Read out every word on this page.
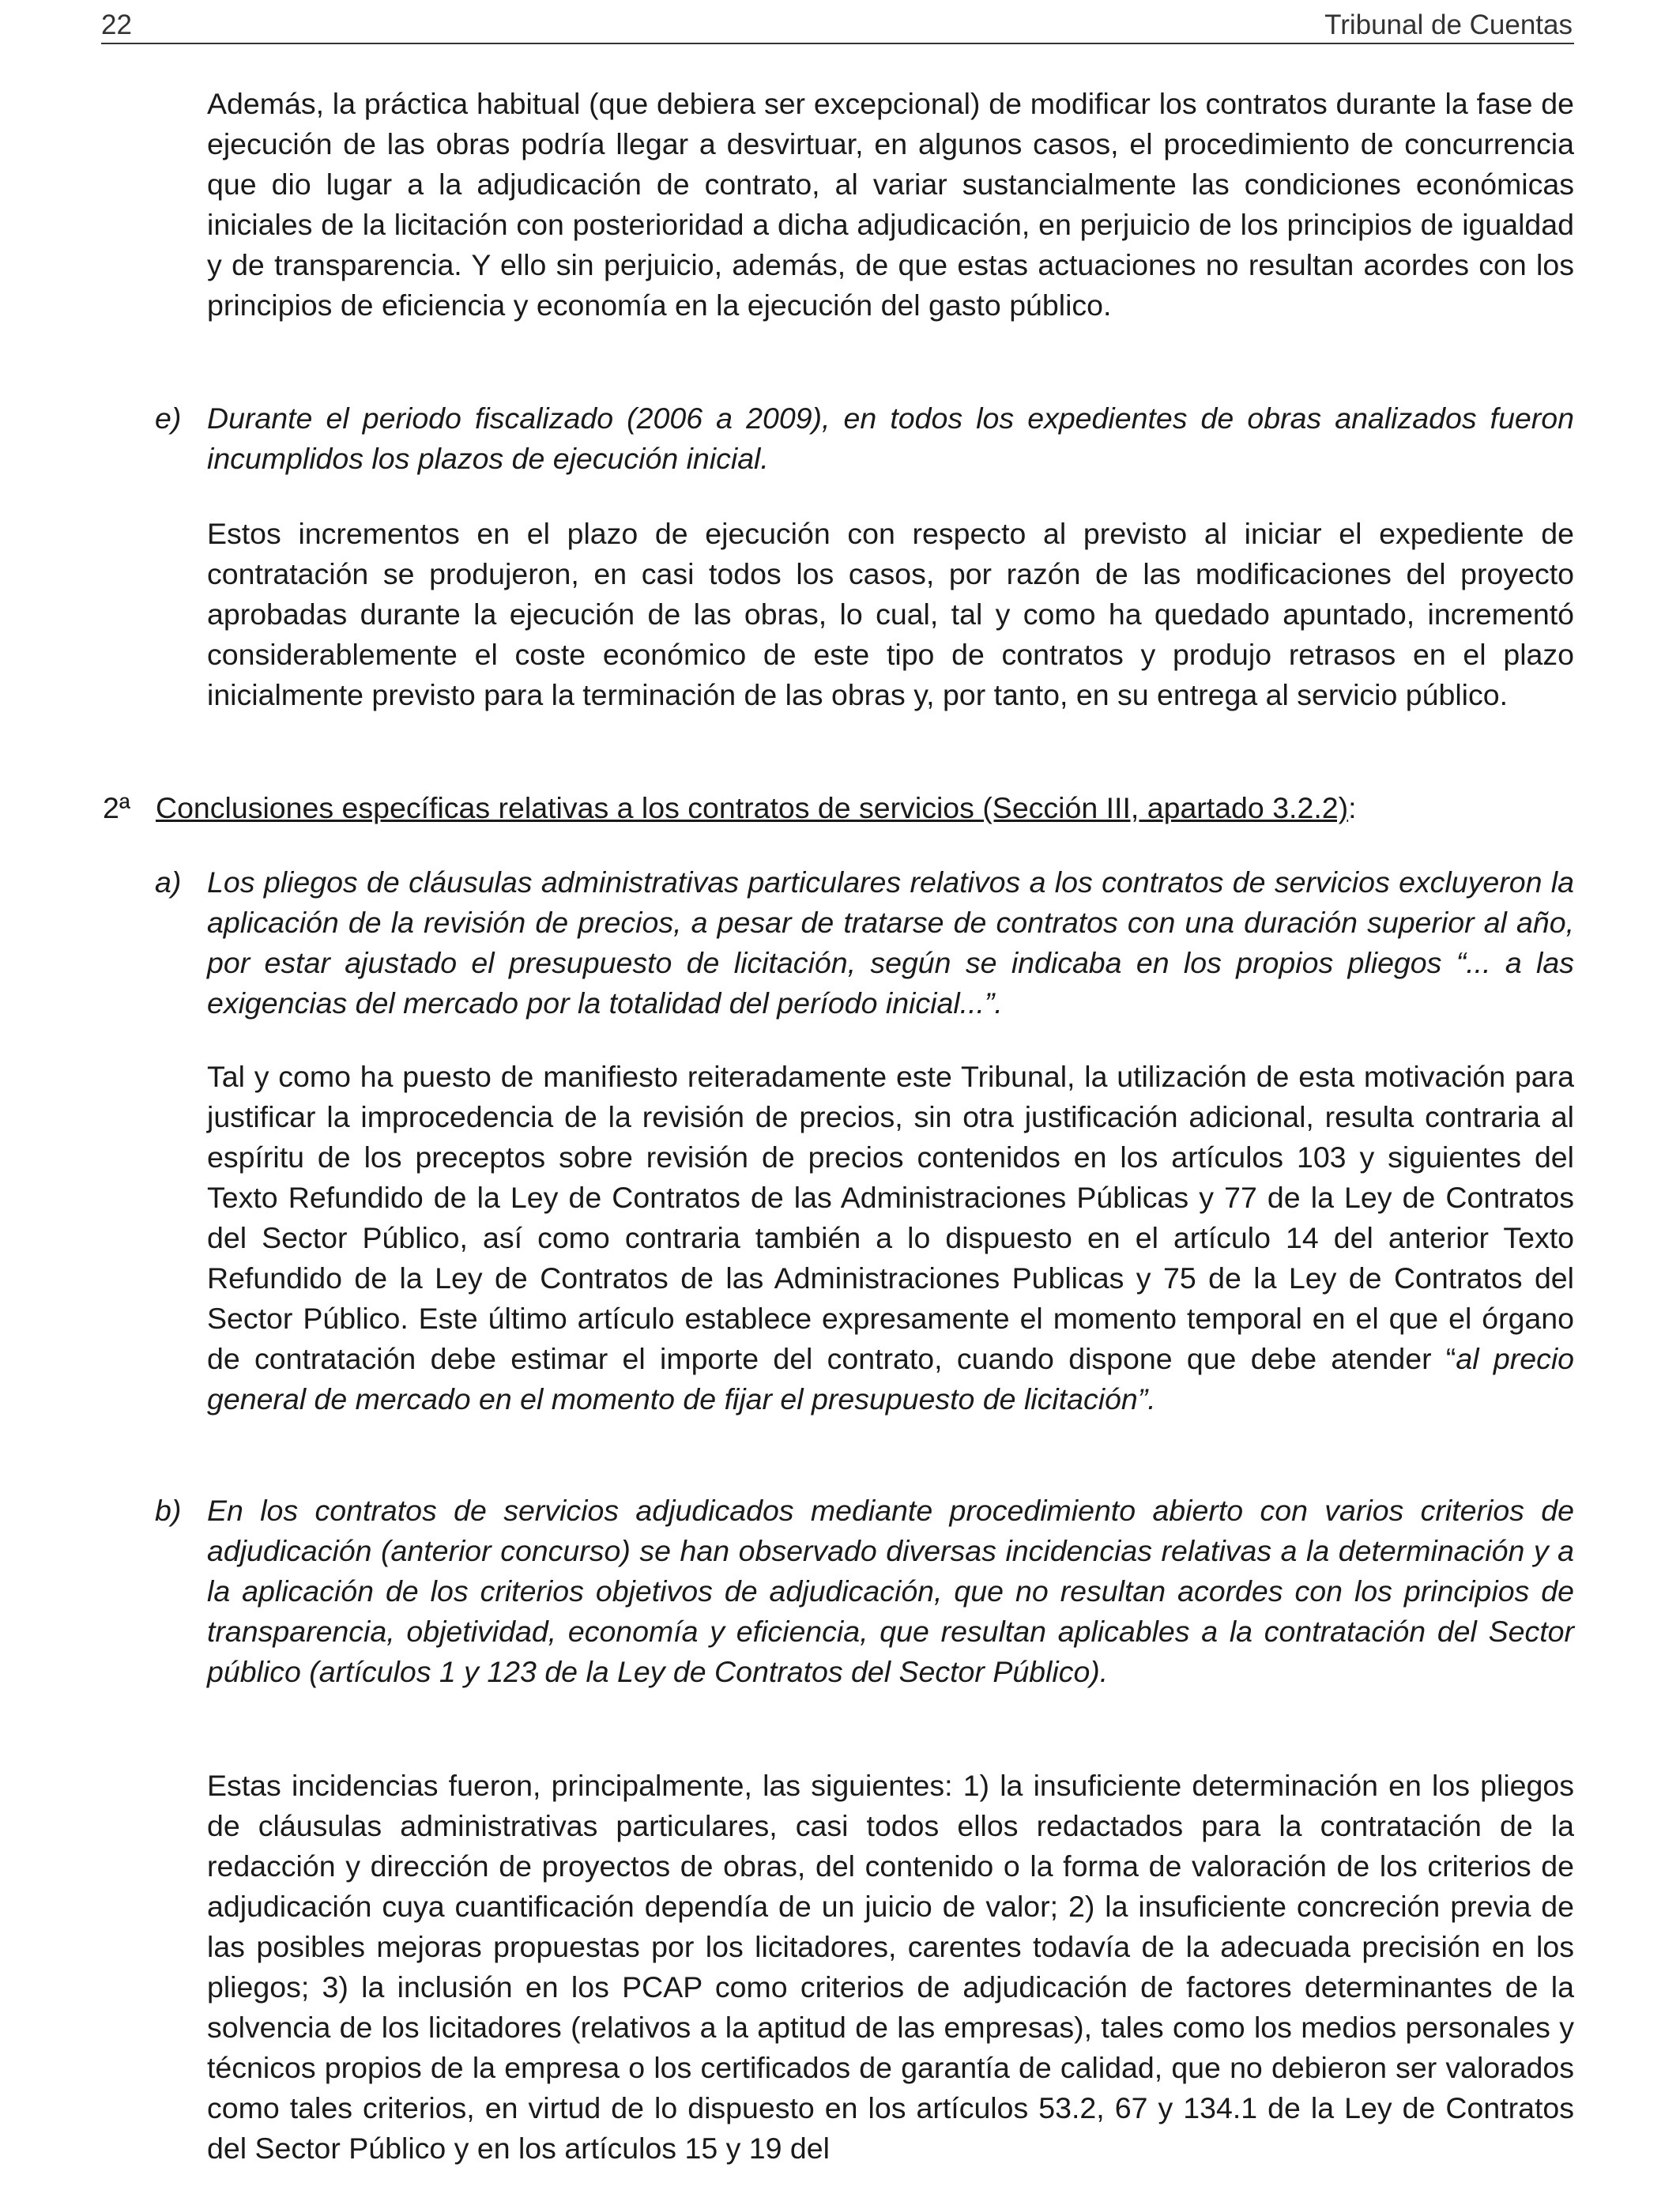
22	Tribunal de Cuentas

Además, la práctica habitual (que debiera ser excepcional) de modificar los contratos durante la fase de ejecución de las obras podría llegar a desvirtuar, en algunos casos, el procedimiento de concurrencia que dio lugar a la adjudicación de contrato, al variar sustancialmente las condiciones económicas iniciales de la licitación con posterioridad a dicha adjudicación, en perjuicio de los principios de igualdad y de transparencia. Y ello sin perjuicio, además, de que estas actuaciones no resultan acordes con los principios de eficiencia y economía en la ejecución del gasto público.

e) Durante el periodo fiscalizado (2006 a 2009), en todos los expedientes de obras analizados fueron incumplidos los plazos de ejecución inicial.

Estos incrementos en el plazo de ejecución con respecto al previsto al iniciar el expediente de contratación se produjeron, en casi todos los casos, por razón de las modificaciones del proyecto aprobadas durante la ejecución de las obras, lo cual, tal y como ha quedado apuntado, incrementó considerablemente el coste económico de este tipo de contratos y produjo retrasos en el plazo inicialmente previsto para la terminación de las obras y, por tanto, en su entrega al servicio público.

2ª Conclusiones específicas relativas a los contratos de servicios (Sección III, apartado 3.2.2):
a) Los pliegos de cláusulas administrativas particulares relativos a los contratos de servicios excluyeron la aplicación de la revisión de precios, a pesar de tratarse de contratos con una duración superior al año, por estar ajustado el presupuesto de licitación, según se indicaba en los propios pliegos “... a las exigencias del mercado por la totalidad del período inicial...”.

Tal y como ha puesto de manifiesto reiteradamente este Tribunal, la utilización de esta motivación para justificar la improcedencia de la revisión de precios, sin otra justificación adicional, resulta contraria al espíritu de los preceptos sobre revisión de precios contenidos en los artículos 103 y siguientes del Texto Refundido de la Ley de Contratos de las Administraciones Públicas y 77 de la Ley de Contratos del Sector Público, así como contraria también a lo dispuesto en el artículo 14 del anterior Texto Refundido de la Ley de Contratos de las Administraciones Publicas y 75 de la Ley de Contratos del Sector Público. Este último artículo establece expresamente el momento temporal en el que el órgano de contratación debe estimar el importe del contrato, cuando dispone que debe atender “al precio general de mercado en el momento de fijar el presupuesto de licitación”.

b) En los contratos de servicios adjudicados mediante procedimiento abierto con varios criterios de adjudicación (anterior concurso) se han observado diversas incidencias relativas a la determinación y a la aplicación de los criterios objetivos de adjudicación, que no resultan acordes con los principios de transparencia, objetividad, economía y eficiencia, que resultan aplicables a la contratación del Sector público (artículos 1 y 123 de la Ley de Contratos del Sector Público).

Estas incidencias fueron, principalmente, las siguientes: 1) la insuficiente determinación en los pliegos de cláusulas administrativas particulares, casi todos ellos redactados para la contratación de la redacción y dirección de proyectos de obras, del contenido o la forma de valoración de los criterios de adjudicación cuya cuantificación dependía de un juicio de valor; 2) la insuficiente concreción previa de las posibles mejoras propuestas por los licitadores, carentes todavía de la adecuada precisión en los pliegos; 3) la inclusión en los PCAP como criterios de adjudicación de factores determinantes de la solvencia de los licitadores (relativos a la aptitud de las empresas), tales como los medios personales y técnicos propios de la empresa o los certificados de garantía de calidad, que no debieron ser valorados como tales criterios, en virtud de lo dispuesto en los artículos 53.2, 67 y 134.1 de la Ley de Contratos del Sector Público y en los artículos 15 y 19 del
